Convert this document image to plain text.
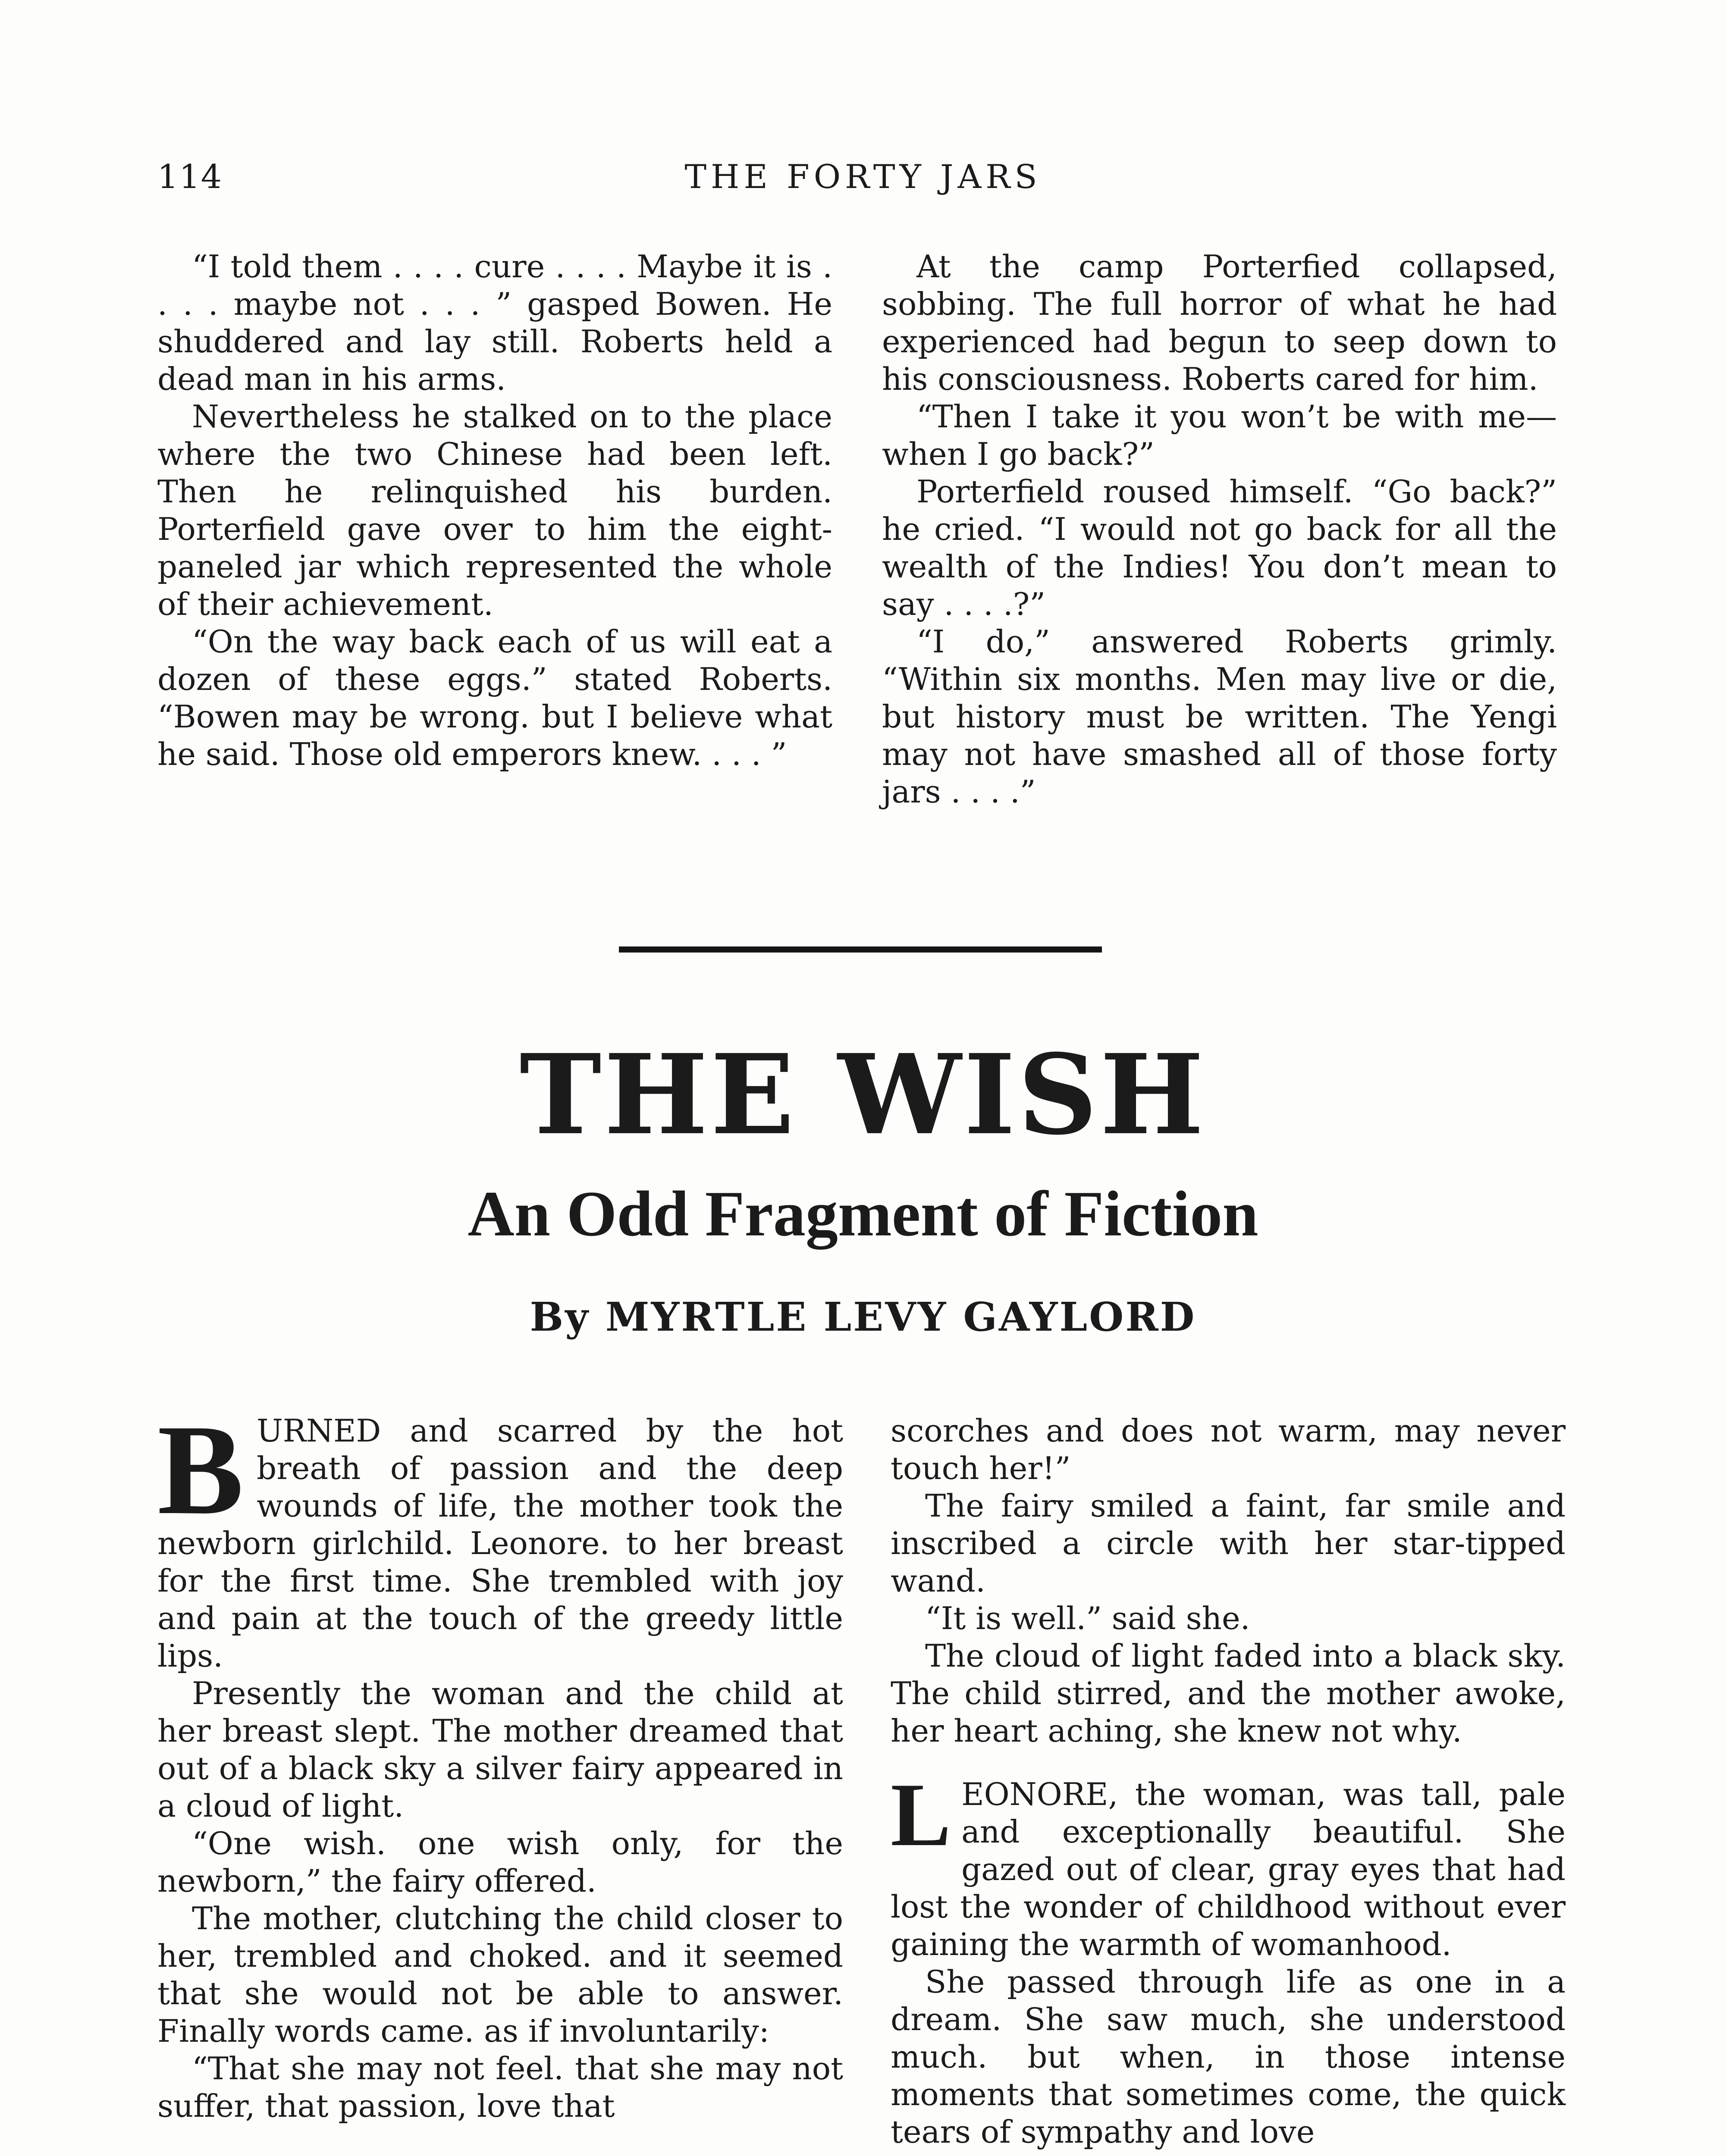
114	THE FORTY JARS

“I told them . . . . cure . . . . Maybe it is . . . . maybe not . . . ” gasped Bowen. He shuddered and lay still. Roberts held a dead man in his arms.

Nevertheless he stalked on to the place where the two Chinese had been left. Then he relinquished his burden. Porterfield gave over to him the eight-paneled jar which represented the whole of their achievement.

“On the way back each of us will eat a dozen of these eggs.” stated Roberts. “Bowen may be wrong. but I believe what he said. Those old emperors knew. . . . ”

At the camp Porterfied collapsed, sobbing. The full horror of what he had experienced had begun to seep down to his consciousness. Roberts cared for him.

“Then I take it you won’t be with me—when I go back?”

Porterfield roused himself. “Go back?” he cried. “I would not go back for all the wealth of the Indies! You don’t mean to say . . . .?”

“I do,” answered Roberts grimly. “Within six months. Men may live or die, but history must be written. The Yengi may not have smashed all of those forty jars . . . .”

THE WISH
An Odd Fragment of Fiction
By MYRTLE LEVY GAYLORD

BURNED and scarred by the hot breath of passion and the deep wounds of life, the mother took the newborn girlchild. Leonore. to her breast for the first time. She trembled with joy and pain at the touch of the greedy little lips.

Presently the woman and the child at her breast slept. The mother dreamed that out of a black sky a silver fairy appeared in a cloud of light.

“One wish. one wish only, for the newborn,” the fairy offered.

The mother, clutching the child closer to her, trembled and choked. and it seemed that she would not be able to answer. Finally words came. as if involuntarily:

“That she may not feel. that she may not suffer, that passion, love that

scorches and does not warm, may never touch her!”

The fairy smiled a faint, far smile and inscribed a circle with her star-tipped wand.

“It is well.” said she.

The cloud of light faded into a black sky. The child stirred, and the mother awoke, her heart aching, she knew not why.

LEONORE, the woman, was tall, pale and exceptionally beautiful. She gazed out of clear, gray eyes that had lost the wonder of childhood without ever gaining the warmth of womanhood.

She passed through life as one in a dream. She saw much, she understood much. but when, in those intense moments that sometimes come, the quick tears of sympathy and love
